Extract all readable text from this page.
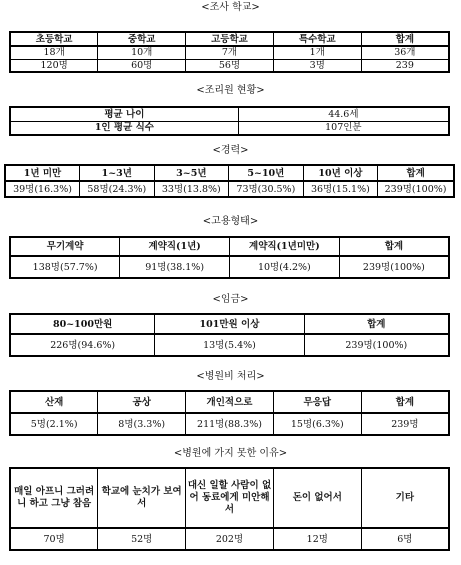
<조사 학교>
초등학교	중학교	고등학교	특수학교	합계
18개	10개	7개	1개	36개
120명	60명	56명	3명	239
<조리원 현황>
평균 나이	44.6세
1인 평균 식수	107인분
<경력>
1년 미만	1~3년	3~5년	5~10년	10년 이상	합계
39명(16.3%)	58명(24.3%)	33명(13.8%)	73명(30.5%)	36명(15.1%)	239명(100%)
<고용형태>
무기계약	계약직(1년)	계약직(1년미만)	합계
138명(57.7%)	91명(38.1%)	10명(4.2%)	239명(100%)
<임금>
80~100만원	101만원 이상	합계
226명(94.6%)	13명(5.4%)	239명(100%)
<병원비 처리>
산재	공상	개인적으로	무응답	합계
5명(2.1%)	8명(3.3%)	211명(88.3%)	15명(6.3%)	239명
<병원에 가지 못한 이유>
매일 아프니 그러려니 하고 그냥 참음	학교에 눈치가 보여서	대신 일할 사람이 없어 동료에게 미안해서	돈이 없어서	기타
70명	52명	202명	12명	6명
